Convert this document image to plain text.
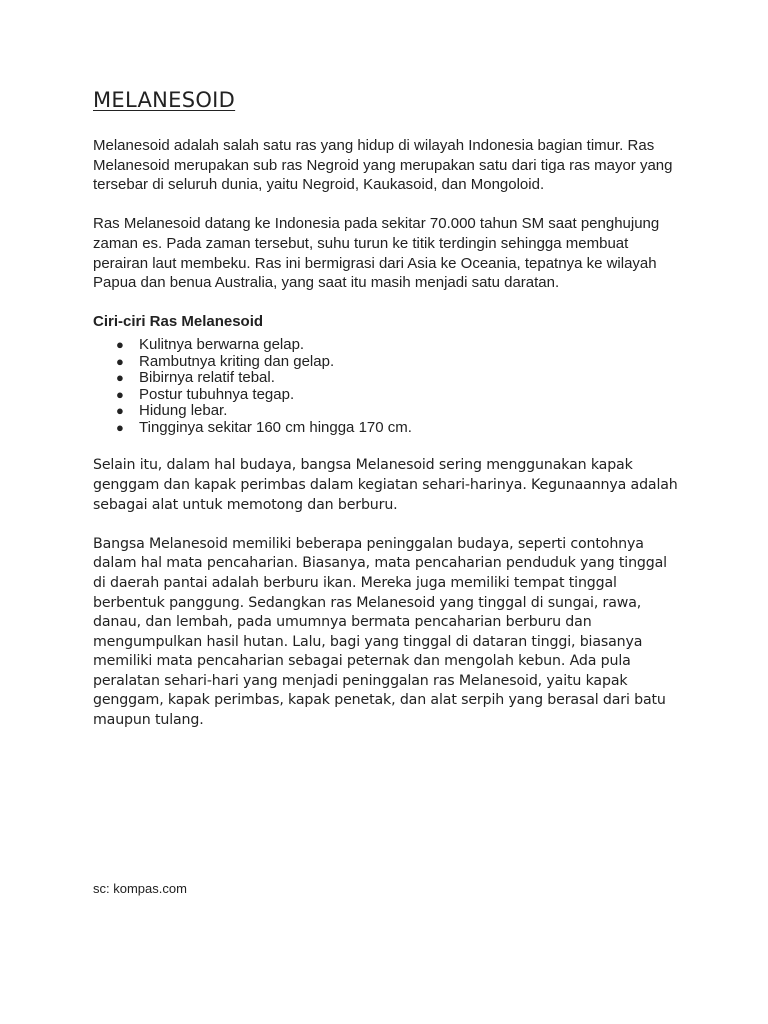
MELANESOID

Melanesoid adalah salah satu ras yang hidup di wilayah Indonesia bagian timur. Ras Melanesoid merupakan sub ras Negroid yang merupakan satu dari tiga ras mayor yang tersebar di seluruh dunia, yaitu Negroid, Kaukasoid, dan Mongoloid.

Ras Melanesoid datang ke Indonesia pada sekitar 70.000 tahun SM saat penghujung zaman es. Pada zaman tersebut, suhu turun ke titik terdingin sehingga membuat perairan laut membeku. Ras ini bermigrasi dari Asia ke Oceania, tepatnya ke wilayah Papua dan benua Australia, yang saat itu masih menjadi satu daratan.

Ciri-ciri Ras Melanesoid
● Kulitnya berwarna gelap.
● Rambutnya kriting dan gelap.
● Bibirnya relatif tebal.
● Postur tubuhnya tegap.
● Hidung lebar.
● Tingginya sekitar 160 cm hingga 170 cm.

Selain itu, dalam hal budaya, bangsa Melanesoid sering menggunakan kapak genggam dan kapak perimbas dalam kegiatan sehari-harinya. Kegunaannya adalah sebagai alat untuk memotong dan berburu.

Bangsa Melanesoid memiliki beberapa peninggalan budaya, seperti contohnya dalam hal mata pencaharian. Biasanya, mata pencaharian penduduk yang tinggal di daerah pantai adalah berburu ikan. Mereka juga memiliki tempat tinggal berbentuk panggung. Sedangkan ras Melanesoid yang tinggal di sungai, rawa, danau, dan lembah, pada umumnya bermata pencaharian berburu dan mengumpulkan hasil hutan. Lalu, bagi yang tinggal di dataran tinggi, biasanya memiliki mata pencaharian sebagai peternak dan mengolah kebun. Ada pula peralatan sehari-hari yang menjadi peninggalan ras Melanesoid, yaitu kapak genggam, kapak perimbas, kapak penetak, dan alat serpih yang berasal dari batu maupun tulang.

sc: kompas.com
